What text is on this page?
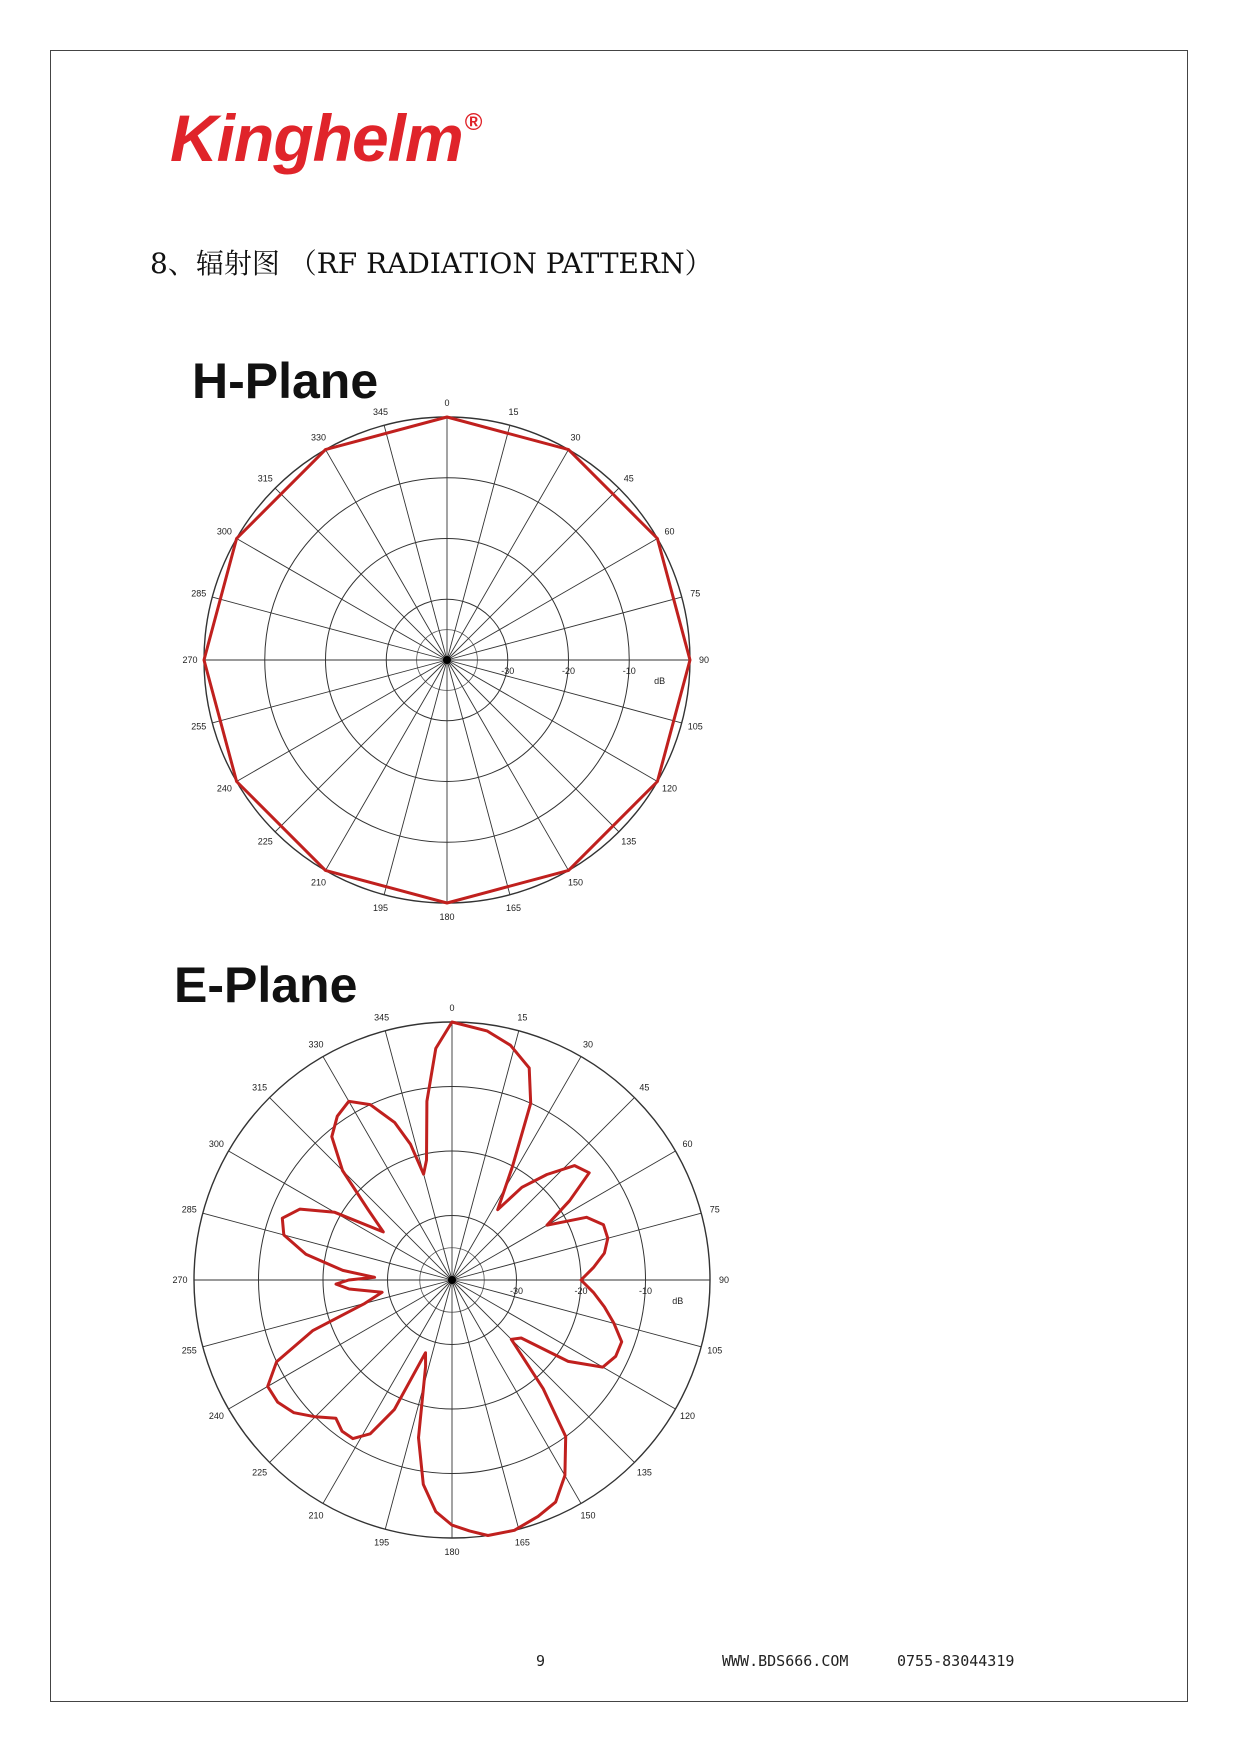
Kinghelm®
8、辐射图 （RF RADIATION PATTERN）
H-Plane	0
15
30
45
60
75
90
105
120
135
150
165
180
195
210
225
240
255
270
285
300
315
330
345
-30	-20	-10
dB
E-Plane	0
15
30
45
60
75
90
105
120
135
150
165
180
195
210
225
240
255
270
285
300
315
330
345
-30	-20	-10
dB
9	WWW.BDS666.COM	0755-83044319
